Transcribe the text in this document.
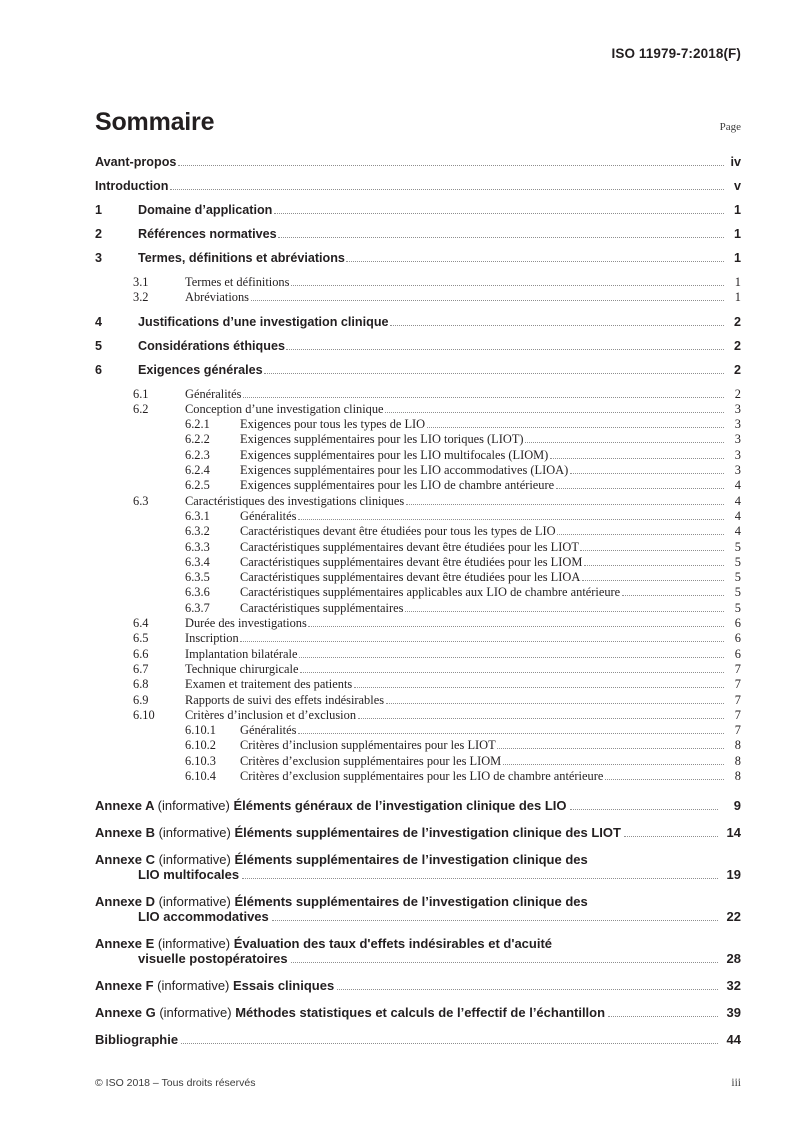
ISO 11979-7:2018(F)
Sommaire	Page
Avant-propos	iv
Introduction	v
1	Domaine d’application	1
2	Références normatives	1
3	Termes, définitions et abréviations	1
3.1	Termes et définitions	1
3.2	Abréviations	1
4	Justifications d’une investigation clinique	2
5	Considérations éthiques	2
6	Exigences générales	2
6.1	Généralités	2
6.2	Conception d’une investigation clinique	3
6.2.1	Exigences pour tous les types de LIO	3
6.2.2	Exigences supplémentaires pour les LIO toriques (LIOT)	3
6.2.3	Exigences supplémentaires pour les LIO multifocales (LIOM)	3
6.2.4	Exigences supplémentaires pour les LIO accommodatives (LIOA)	3
6.2.5	Exigences supplémentaires pour les LIO de chambre antérieure	4
6.3	Caractéristiques des investigations cliniques	4
6.3.1	Généralités	4
6.3.2	Caractéristiques devant être étudiées pour tous les types de LIO	4
6.3.3	Caractéristiques supplémentaires devant être étudiées pour les LIOT	5
6.3.4	Caractéristiques supplémentaires devant être étudiées pour les LIOM	5
6.3.5	Caractéristiques supplémentaires devant être étudiées pour les LIOA	5
6.3.6	Caractéristiques supplémentaires applicables aux LIO de chambre antérieure	5
6.3.7	Caractéristiques supplémentaires	5
6.4	Durée des investigations	6
6.5	Inscription	6
6.6	Implantation bilatérale	6
6.7	Technique chirurgicale	7
6.8	Examen et traitement des patients	7
6.9	Rapports de suivi des effets indésirables	7
6.10	Critères d’inclusion et d’exclusion	7
6.10.1	Généralités	7
6.10.2	Critères d’inclusion supplémentaires pour les LIOT	8
6.10.3	Critères d’exclusion supplémentaires pour les LIOM	8
6.10.4	Critères d’exclusion supplémentaires pour les LIO de chambre antérieure	8
Annexe A (informative) Éléments généraux de l’investigation clinique des LIO	9
Annexe B (informative) Éléments supplémentaires de l’investigation clinique des LIOT	14
Annexe C (informative) Éléments supplémentaires de l’investigation clinique des
LIO multifocales	19
Annexe D (informative) Éléments supplémentaires de l’investigation clinique des
LIO accommodatives	22
Annexe E (informative) Évaluation des taux d'effets indésirables et d'acuité
visuelle postopératoires	28
Annexe F (informative) Essais cliniques	32
Annexe G (informative) Méthodes statistiques et calculs de l’effectif de l’échantillon	39
Bibliographie	44
© ISO 2018 – Tous droits réservés	iii
